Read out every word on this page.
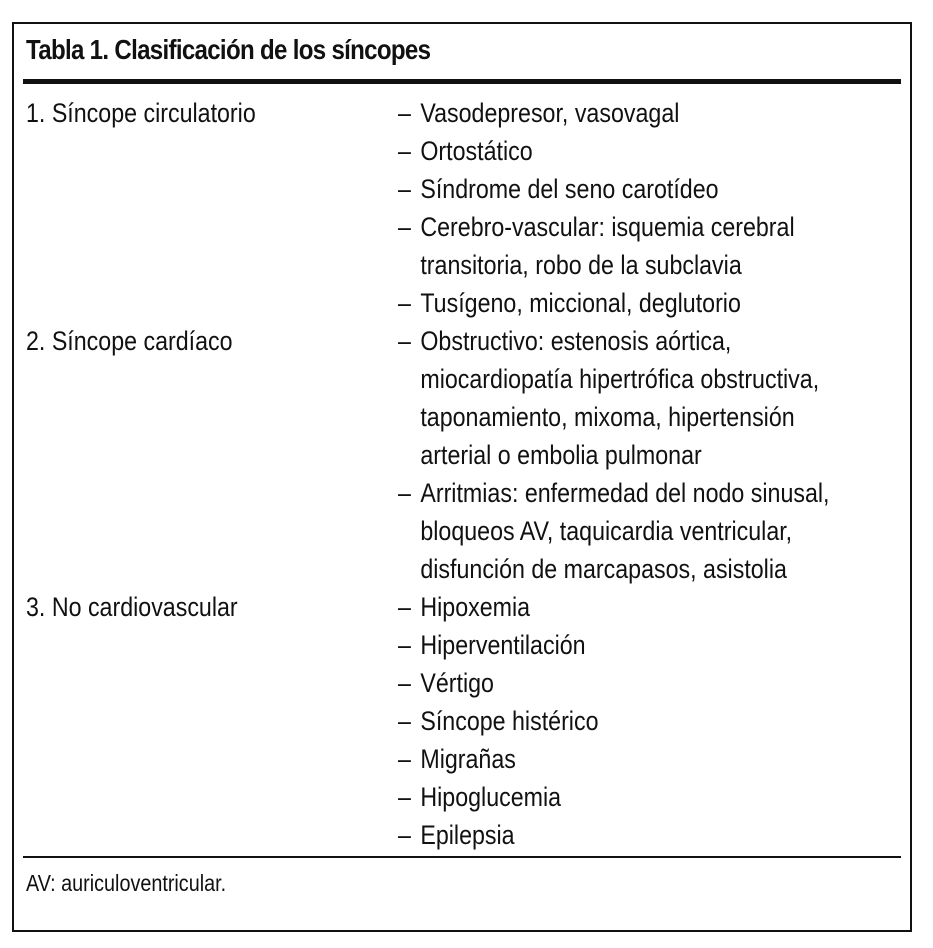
Tabla 1. Clasificación de los síncopes
1. Síncope circulatorio	– Vasodepresor, vasovagal
– Ortostático
– Síndrome del seno carotídeo
– Cerebro-vascular: isquemia cerebral
transitoria, robo de la subclavia
– Tusígeno, miccional, deglutorio
2. Síncope cardíaco	– Obstructivo: estenosis aórtica,
miocardiopatía hipertrófica obstructiva,
taponamiento, mixoma, hipertensión
arterial o embolia pulmonar
– Arritmias: enfermedad del nodo sinusal,
bloqueos AV, taquicardia ventricular,
disfunción de marcapasos, asistolia
3. No cardiovascular	– Hipoxemia
– Hiperventilación
– Vértigo
– Síncope histérico
– Migrañas
– Hipoglucemia
– Epilepsia
AV: auriculoventricular.
